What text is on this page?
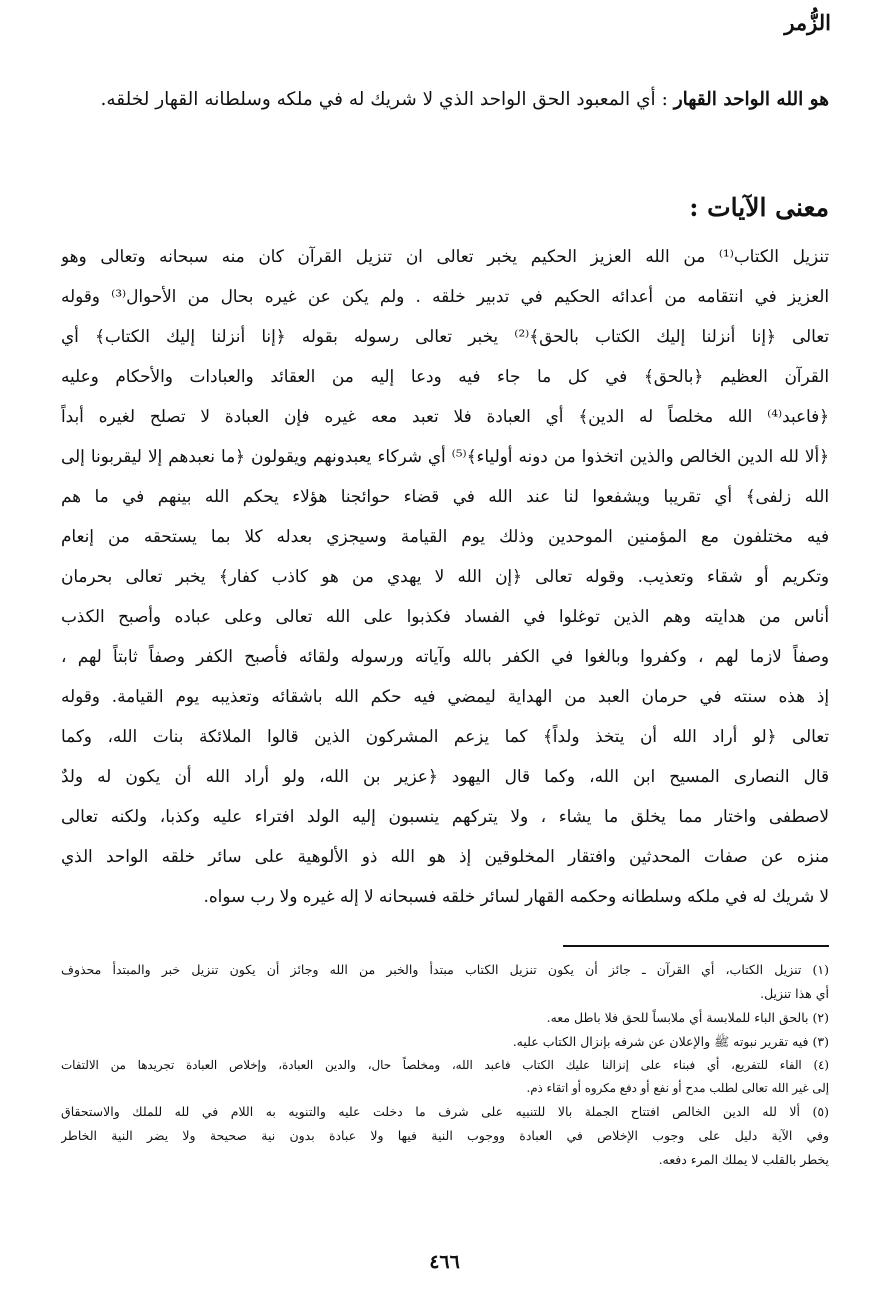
الزُّمر
هو الله الواحد القهار : أي المعبود الحق الواحد الذي لا شريك له في ملكه وسلطانه القهار لخلقه.
معنى الآيات :
تنزيل الكتاب⁽¹⁾ من الله العزيز الحكيم يخبر تعالى ان تنزيل القرآن كان منه سبحانه وتعالى وهو
العزيز في انتقامه من أعدائه الحكيم في تدبير خلقه . ولم يكن عن غيره بحال من الأحوال⁽³⁾ وقوله
تعالى ﴿إنا أنزلنا إليك الكتاب بالحق﴾⁽²⁾ يخبر تعالى رسوله بقوله ﴿إنا أنزلنا إليك الكتاب﴾ أي
القرآن العظيم ﴿بالحق﴾ في كل ما جاء فيه ودعا إليه من العقائد والعبادات والأحكام وعليه
﴿فاعبد⁽⁴⁾ الله مخلصاً له الدين﴾ أي العبادة فلا تعبد معه غيره فإن العبادة لا تصلح لغيره أبداً
﴿ألا لله الدين الخالص والذين اتخذوا من دونه أولياء﴾⁽⁵⁾ أي شركاء يعبدونهم ويقولون ﴿ما نعبدهم إلا ليقربونا إلى
الله زلفى﴾ أي تقريبا ويشفعوا لنا عند الله في قضاء حوائجنا هؤلاء يحكم الله بينهم في ما هم
فيه مختلفون مع المؤمنين الموحدين وذلك يوم القيامة وسيجزي بعدله كلا بما يستحقه من إنعام
وتكريم أو شقاء وتعذيب. وقوله تعالى ﴿إن الله لا يهدي من هو كاذب كفار﴾ يخبر تعالى بحرمان
أناس من هدايته وهم الذين توغلوا في الفساد فكذبوا على الله تعالى وعلى عباده وأصبح الكذب
وصفاً لازما لهم ، وكفروا وبالغوا في الكفر بالله وآياته ورسوله ولقائه فأصبح الكفر وصفاً ثابتاً لهم ،
إذ هذه سنته في حرمان العبد من الهداية ليمضي فيه حكم الله باشقائه وتعذيبه يوم القيامة. وقوله
تعالى ﴿لو أراد الله أن يتخذ ولداً﴾ كما يزعم المشركون الذين قالوا الملائكة بنات الله، وكما
قال النصارى المسيح ابن الله، وكما قال اليهود ﴿عزير بن الله، ولو أراد الله أن يكون له ولدٌ
لاصطفى واختار مما يخلق ما يشاء ، ولا يتركهم ينسبون إليه الولد افتراء عليه وكذبا، ولكنه تعالى
منزه عن صفات المحدثين وافتقار المخلوقين إذ هو الله ذو الألوهية على سائر خلقه الواحد الذي
لا شريك له في ملكه وسلطانه وحكمه القهار لسائر خلقه فسبحانه لا إله غيره ولا رب سواه.
(١) تنزيل الكتاب، أي القرآن ـ جائز أن يكون تنزيل الكتاب مبتدأ والخبر من الله وجائز أن يكون تنزيل خبر والمبتدأ محذوف
أي هذا تنزيل.
(٢) بالحق الباء للملابسة أي ملابساً للحق فلا باطل معه.
(٣) فيه تقرير نبوته ﷺ والإعلان عن شرفه بإنزال الكتاب عليه.
(٤) الفاء للتفريع، أي فبناء على إنزالنا عليك الكتاب فاعبد الله، ومخلصاً حال، والدين العبادة، وإخلاص العبادة تجريدها من الالتفات
إلى غير الله تعالى لطلب مدح أو نفع أو دفع مكروه أو اتقاء ذم.
(٥) ألا لله الدين الخالص افتتاح الجملة بالا للتنبيه على شرف ما دخلت عليه والتنويه به اللام في لله للملك والاستحقاق
وفي الآية دليل على وجوب الإخلاص في العبادة ووجوب النية فيها ولا عبادة بدون نية صحيحة ولا يضر النية الخاطر
يخطر بالقلب لا يملك المرء دفعه.
٤٦٦
